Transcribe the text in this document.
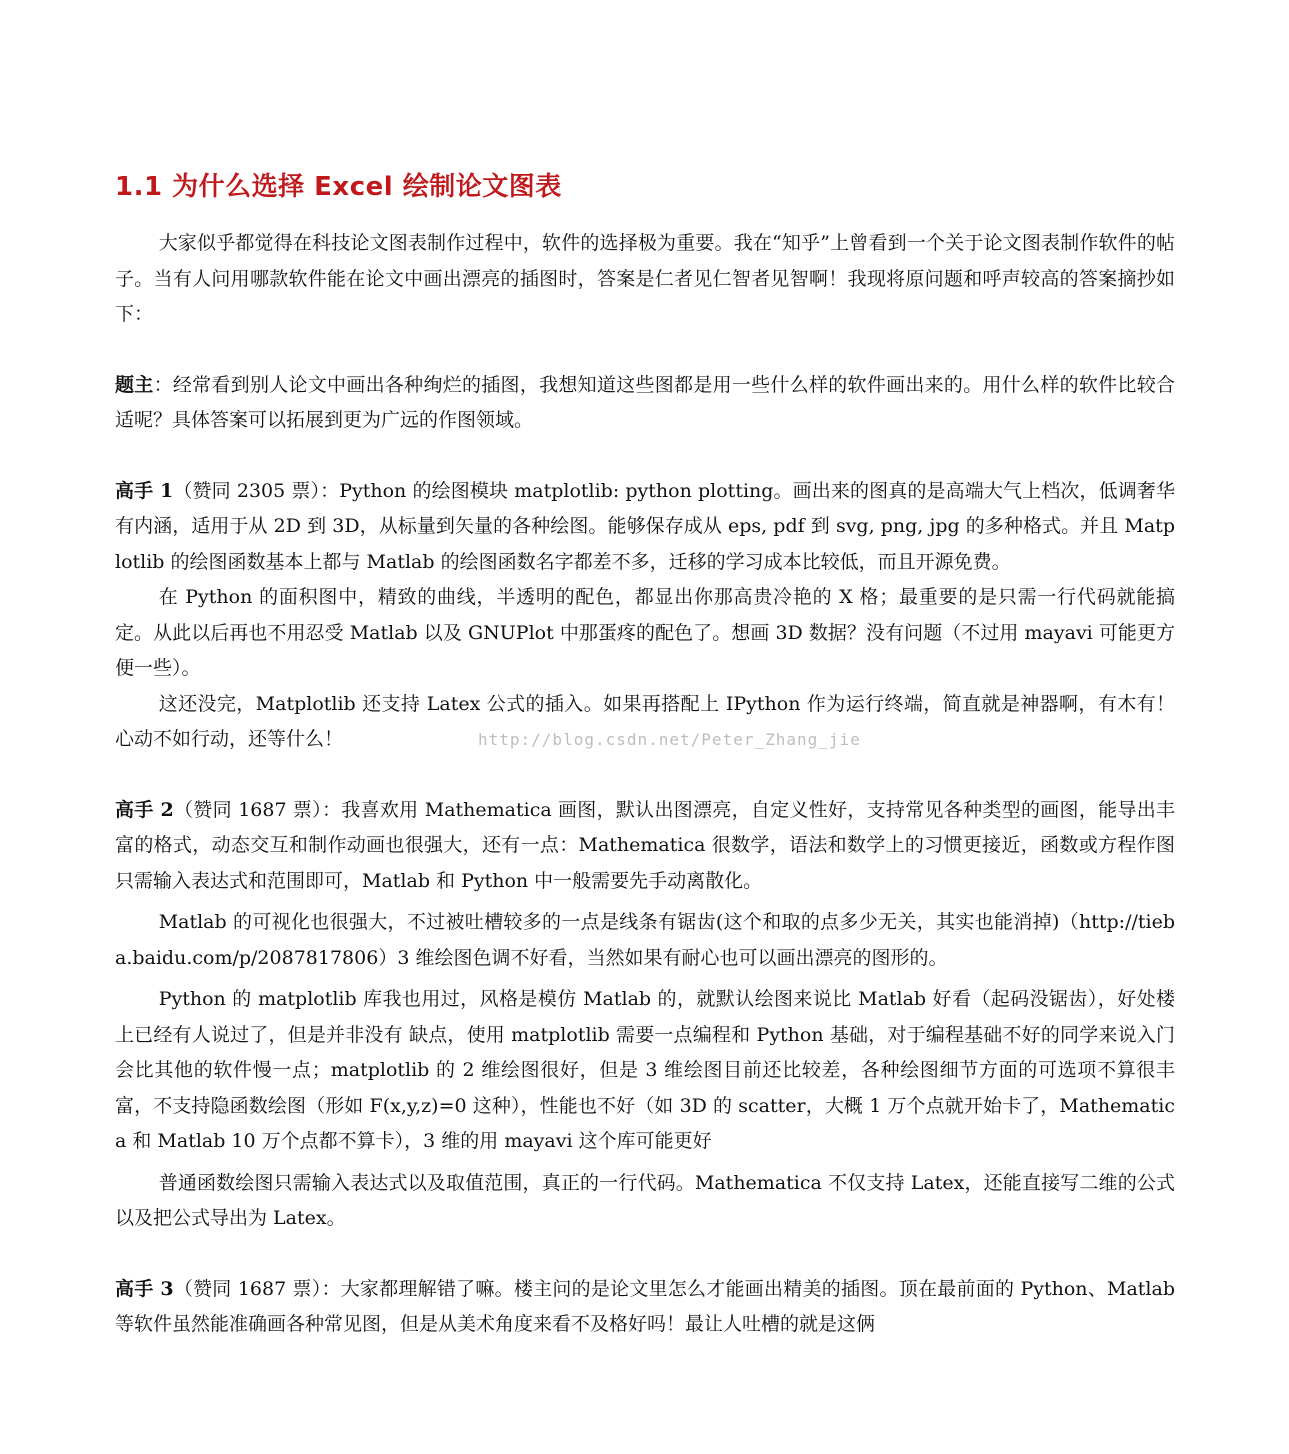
1.1 为什么选择 Excel 绘制论文图表

大家似乎都觉得在科技论文图表制作过程中，软件的选择极为重要。我在“知乎”上曾看到一个关于论文图表制作软件的帖子。当有人问用哪款软件能在论文中画出漂亮的插图时，答案是仁者见仁智者见智啊！我现将原问题和呼声较高的答案摘抄如下：

题主：经常看到别人论文中画出各种绚烂的插图，我想知道这些图都是用一些什么样的软件画出来的。用什么样的软件比较合适呢？具体答案可以拓展到更为广远的作图领域。

高手 1（赞同 2305 票）：Python 的绘图模块 matplotlib: python plotting。画出来的图真的是高端大气上档次，低调奢华有内涵，适用于从 2D 到 3D，从标量到矢量的各种绘图。能够保存成从 eps, pdf 到 svg, png, jpg 的多种格式。并且 Matplotlib 的绘图函数基本上都与 Matlab 的绘图函数名字都差不多，迁移的学习成本比较低，而且开源免费。

在 Python 的面积图中，精致的曲线，半透明的配色，都显出你那高贵冷艳的 X 格；最重要的是只需一行代码就能搞定。从此以后再也不用忍受 Matlab 以及 GNUPlot 中那蛋疼的配色了。想画 3D 数据？没有问题（不过用 mayavi 可能更方便一些）。

这还没完，Matplotlib 还支持 Latex 公式的插入。如果再搭配上 IPython 作为运行终端，简直就是神器啊，有木有！心动不如行动，还等什么！

高手 2（赞同 1687 票）：我喜欢用 Mathematica 画图，默认出图漂亮，自定义性好，支持常见各种类型的画图，能导出丰富的格式，动态交互和制作动画也很强大，还有一点：Mathematica 很数学，语法和数学上的习惯更接近，函数或方程作图只需输入表达式和范围即可，Matlab 和 Python 中一般需要先手动离散化。

Matlab 的可视化也很强大，不过被吐槽较多的一点是线条有锯齿(这个和取的点多少无关，其实也能消掉)（http://tieba.baidu.com/p/2087817806）3 维绘图色调不好看，当然如果有耐心也可以画出漂亮的图形的。

Python 的 matplotlib 库我也用过，风格是模仿 Matlab 的，就默认绘图来说比 Matlab 好看（起码没锯齿），好处楼上已经有人说过了，但是并非没有 缺点，使用 matplotlib 需要一点编程和 Python 基础，对于编程基础不好的同学来说入门会比其他的软件慢一点；matplotlib 的 2 维绘图很好，但是 3 维绘图目前还比较差，各种绘图细节方面的可选项不算很丰富，不支持隐函数绘图（形如 F(x,y,z)=0 这种），性能也不好（如 3D 的 scatter，大概 1 万个点就开始卡了，Mathematica 和 Matlab 10 万个点都不算卡），3 维的用 mayavi 这个库可能更好

普通函数绘图只需输入表达式以及取值范围，真正的一行代码。Mathematica 不仅支持 Latex，还能直接写二维的公式以及把公式导出为 Latex。

高手 3（赞同 1687 票）：大家都理解错了嘛。楼主问的是论文里怎么才能画出精美的插图。顶在最前面的 Python、Matlab 等软件虽然能准确画各种常见图，但是从美术角度来看不及格好吗！最让人吐槽的就是这俩

http://blog.csdn.net/Peter_Zhang_jie
